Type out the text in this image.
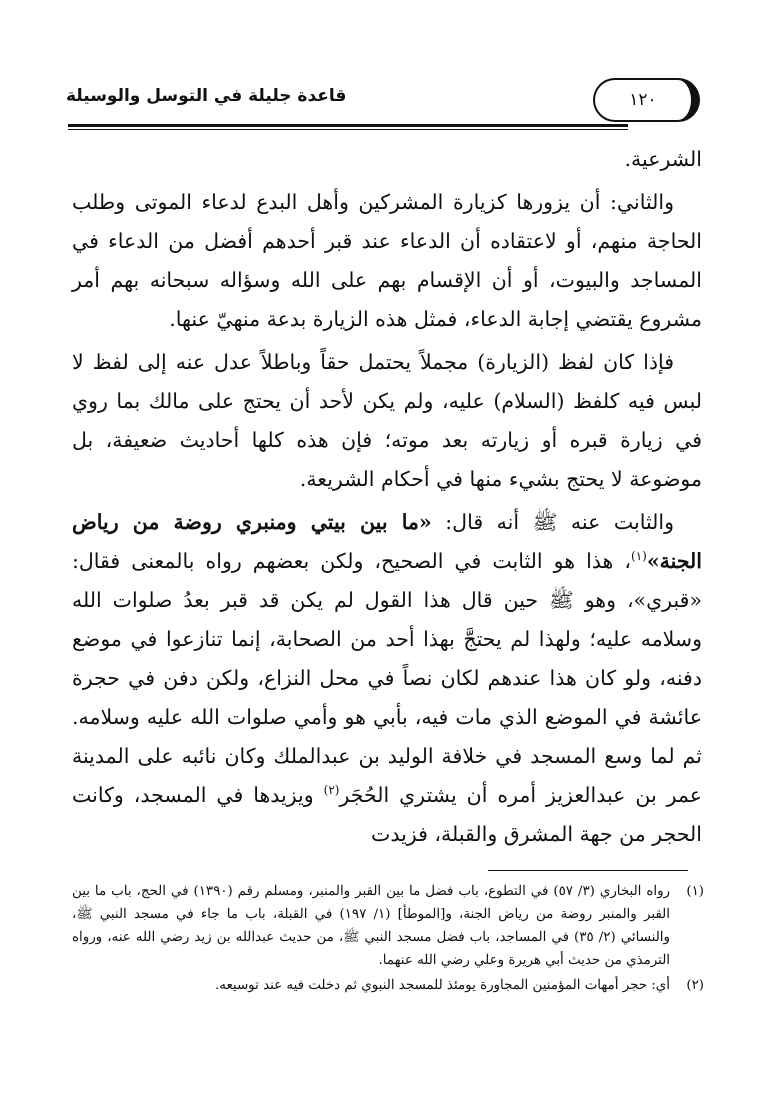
قاعدة جليلة في التوسل والوسيلة	١٢٠

الشرعية.

والثاني: أن يزورها كزيارة المشركين وأهل البدع لدعاء الموتى وطلب الحاجة منهم، أو لاعتقاده أن الدعاء عند قبر أحدهم أفضل من الدعاء في المساجد والبيوت، أو أن الإقسام بهم على الله وسؤاله سبحانه بهم أمر مشروع يقتضي إجابة الدعاء، فمثل هذه الزيارة بدعة منهيّ عنها.

فإذا كان لفظ (الزيارة) مجملاً يحتمل حقاً وباطلاً عدل عنه إلى لفظ لا لبس فيه كلفظ (السلام) عليه، ولم يكن لأحد أن يحتج على مالك بما روي في زيارة قبره أو زيارته بعد موته؛ فإن هذه كلها أحاديث ضعيفة، بل موضوعة لا يحتج بشيء منها في أحكام الشريعة.

والثابت عنه ﷺ أنه قال: «ما بين بيتي ومنبري روضة من رياض الجنة»$^{(١)}$، هذا هو الثابت في الصحيح، ولكن بعضهم رواه بالمعنى فقال: «قبري»، وهو ﷺ حين قال هذا القول لم يكن قد قبر بعدُ صلوات الله وسلامه عليه؛ ولهذا لم يحتجَّ بهذا أحد من الصحابة، إنما تنازعوا في موضع دفنه، ولو كان هذا عندهم لكان نصاً في محل النزاع، ولكن دفن في حجرة عائشة في الموضع الذي مات فيه، بأبي هو وأمي صلوات الله عليه وسلامه. ثم لما وسع المسجد في خلافة الوليد بن عبدالملك وكان نائبه على المدينة عمر بن عبدالعزيز أمره أن يشتري الحُجَر$^{(٢)}$ ويزيدها في المسجد، وكانت الحجر من جهة المشرق والقبلة، فزيدت

(١)
رواه البخاري (٣/ ٥٧) في التطوع، باب فضل ما بين القبر والمنبر، ومسلم رقم (١٣٩٠) في الحج، باب ما بين القبر والمنبر روضة من رياض الجنة، و[الموطأ] (١/ ١٩٧) في القبلة، باب ما جاء في مسجد النبي ﷺ، والنسائي (٢/ ٣٥) في المساجد، باب فضل مسجد النبي ﷺ، من حديث عبدالله بن زيد رضي الله عنه، ورواه الترمذي من حديث أبي هريرة وعلي رضي الله عنهما.
(٢)
أي: حجر أمهات المؤمنين المجاورة يومئذ للمسجد النبوي ثم دخلت فيه عند توسيعه.
